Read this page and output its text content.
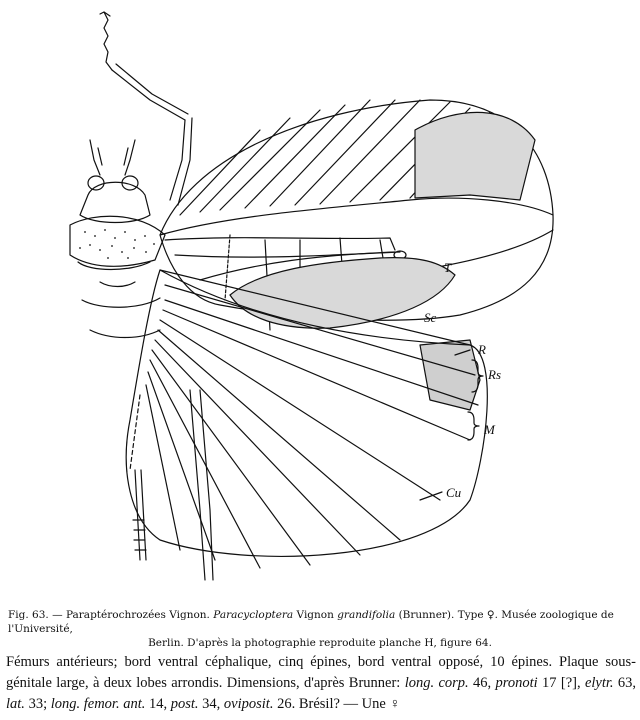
T
Sc
R
Rs
M
Cu
Fig. 63. — Paraptérochrozées Vignon. Paracycloptera Vignon grandifolia (Brunner). Type ♀. Musée zoologique de l'Université,
Berlin. D'après la photographie reproduite planche H, figure 64.
Fémurs antérieurs; bord ventral céphalique, cinq épines, bord ventral opposé, 10 épines. Plaque sous-génitale large, à deux lobes arrondis. Dimensions, d'après Brunner: long. corp. 46, pronoti 17 [?], elytr. 63, lat. 33; long. femor. ant. 14, post. 34, oviposit. 26. Brésil? — Une ♀
